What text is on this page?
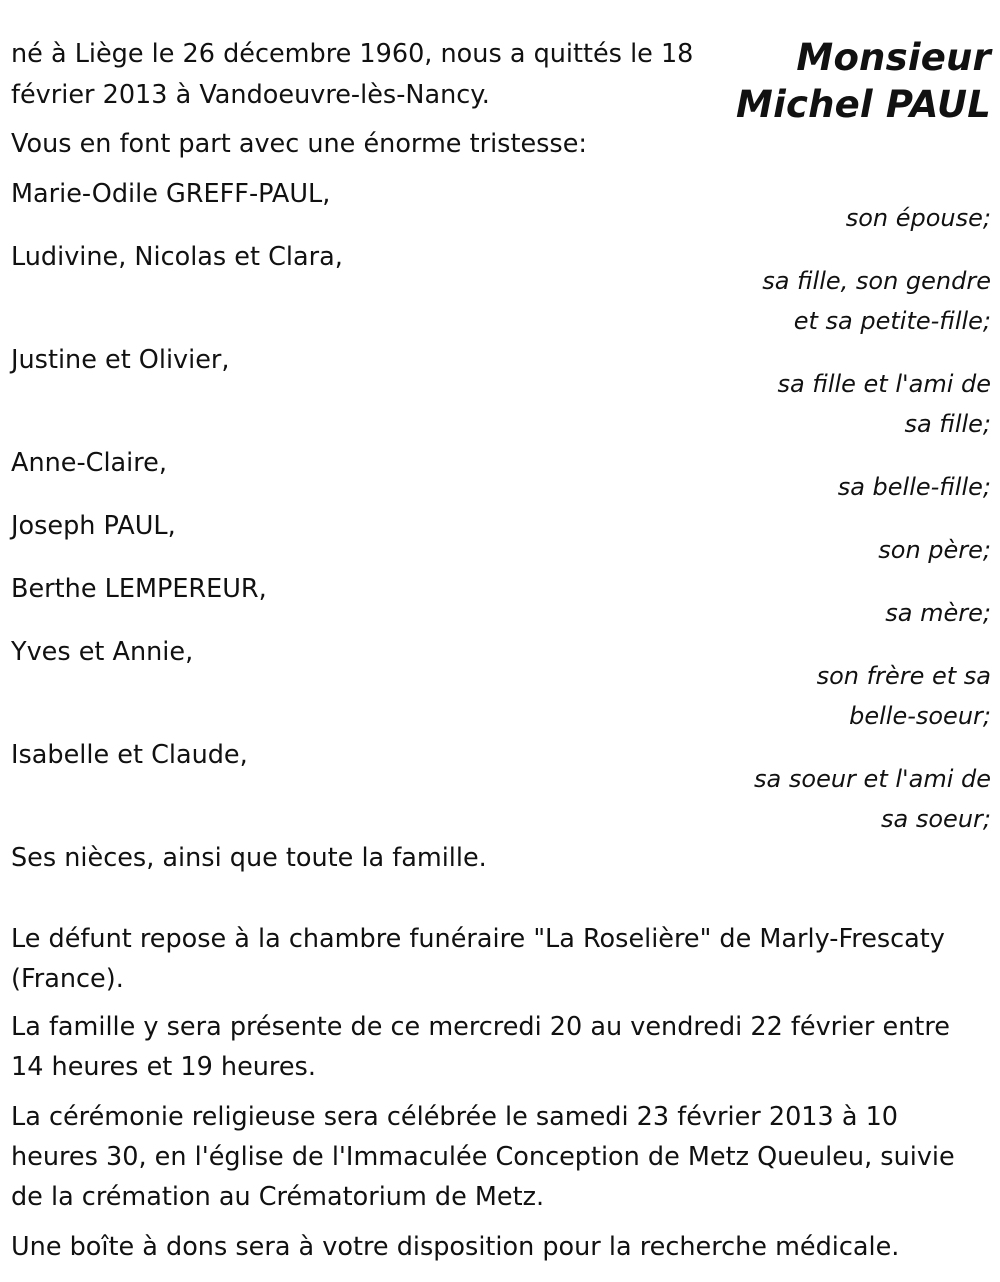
Monsieur
Michel PAUL

né à Liège le 26 décembre 1960, nous a quittés le 18

février 2013 à Vandoeuvre-lès-Nancy.

Vous en font part avec une énorme tristesse:

Marie-Odile GREFF-PAUL,

son épouse;

Ludivine, Nicolas et Clara,

sa fille, son gendre
et sa petite-fille;

Justine et Olivier,

sa fille et l'ami de
sa fille;

Anne-Claire,

sa belle-fille;

Joseph PAUL,

son père;

Berthe LEMPEREUR,

sa mère;

Yves et Annie,

son frère et sa
belle-soeur;

Isabelle et Claude,

sa soeur et l'ami de
sa soeur;

Ses nièces, ainsi que toute la famille.

Le défunt repose à la chambre funéraire "La Roselière" de Marly-Frescaty

(France).

La famille y sera présente de ce mercredi 20 au vendredi 22 février entre

14 heures et 19 heures.

La cérémonie religieuse sera célébrée le samedi 23 février 2013 à 10

heures 30, en l'église de l'Immaculée Conception de Metz Queuleu, suivie

de la crémation au Crématorium de Metz.

Une boîte à dons sera à votre disposition pour la recherche médicale.
